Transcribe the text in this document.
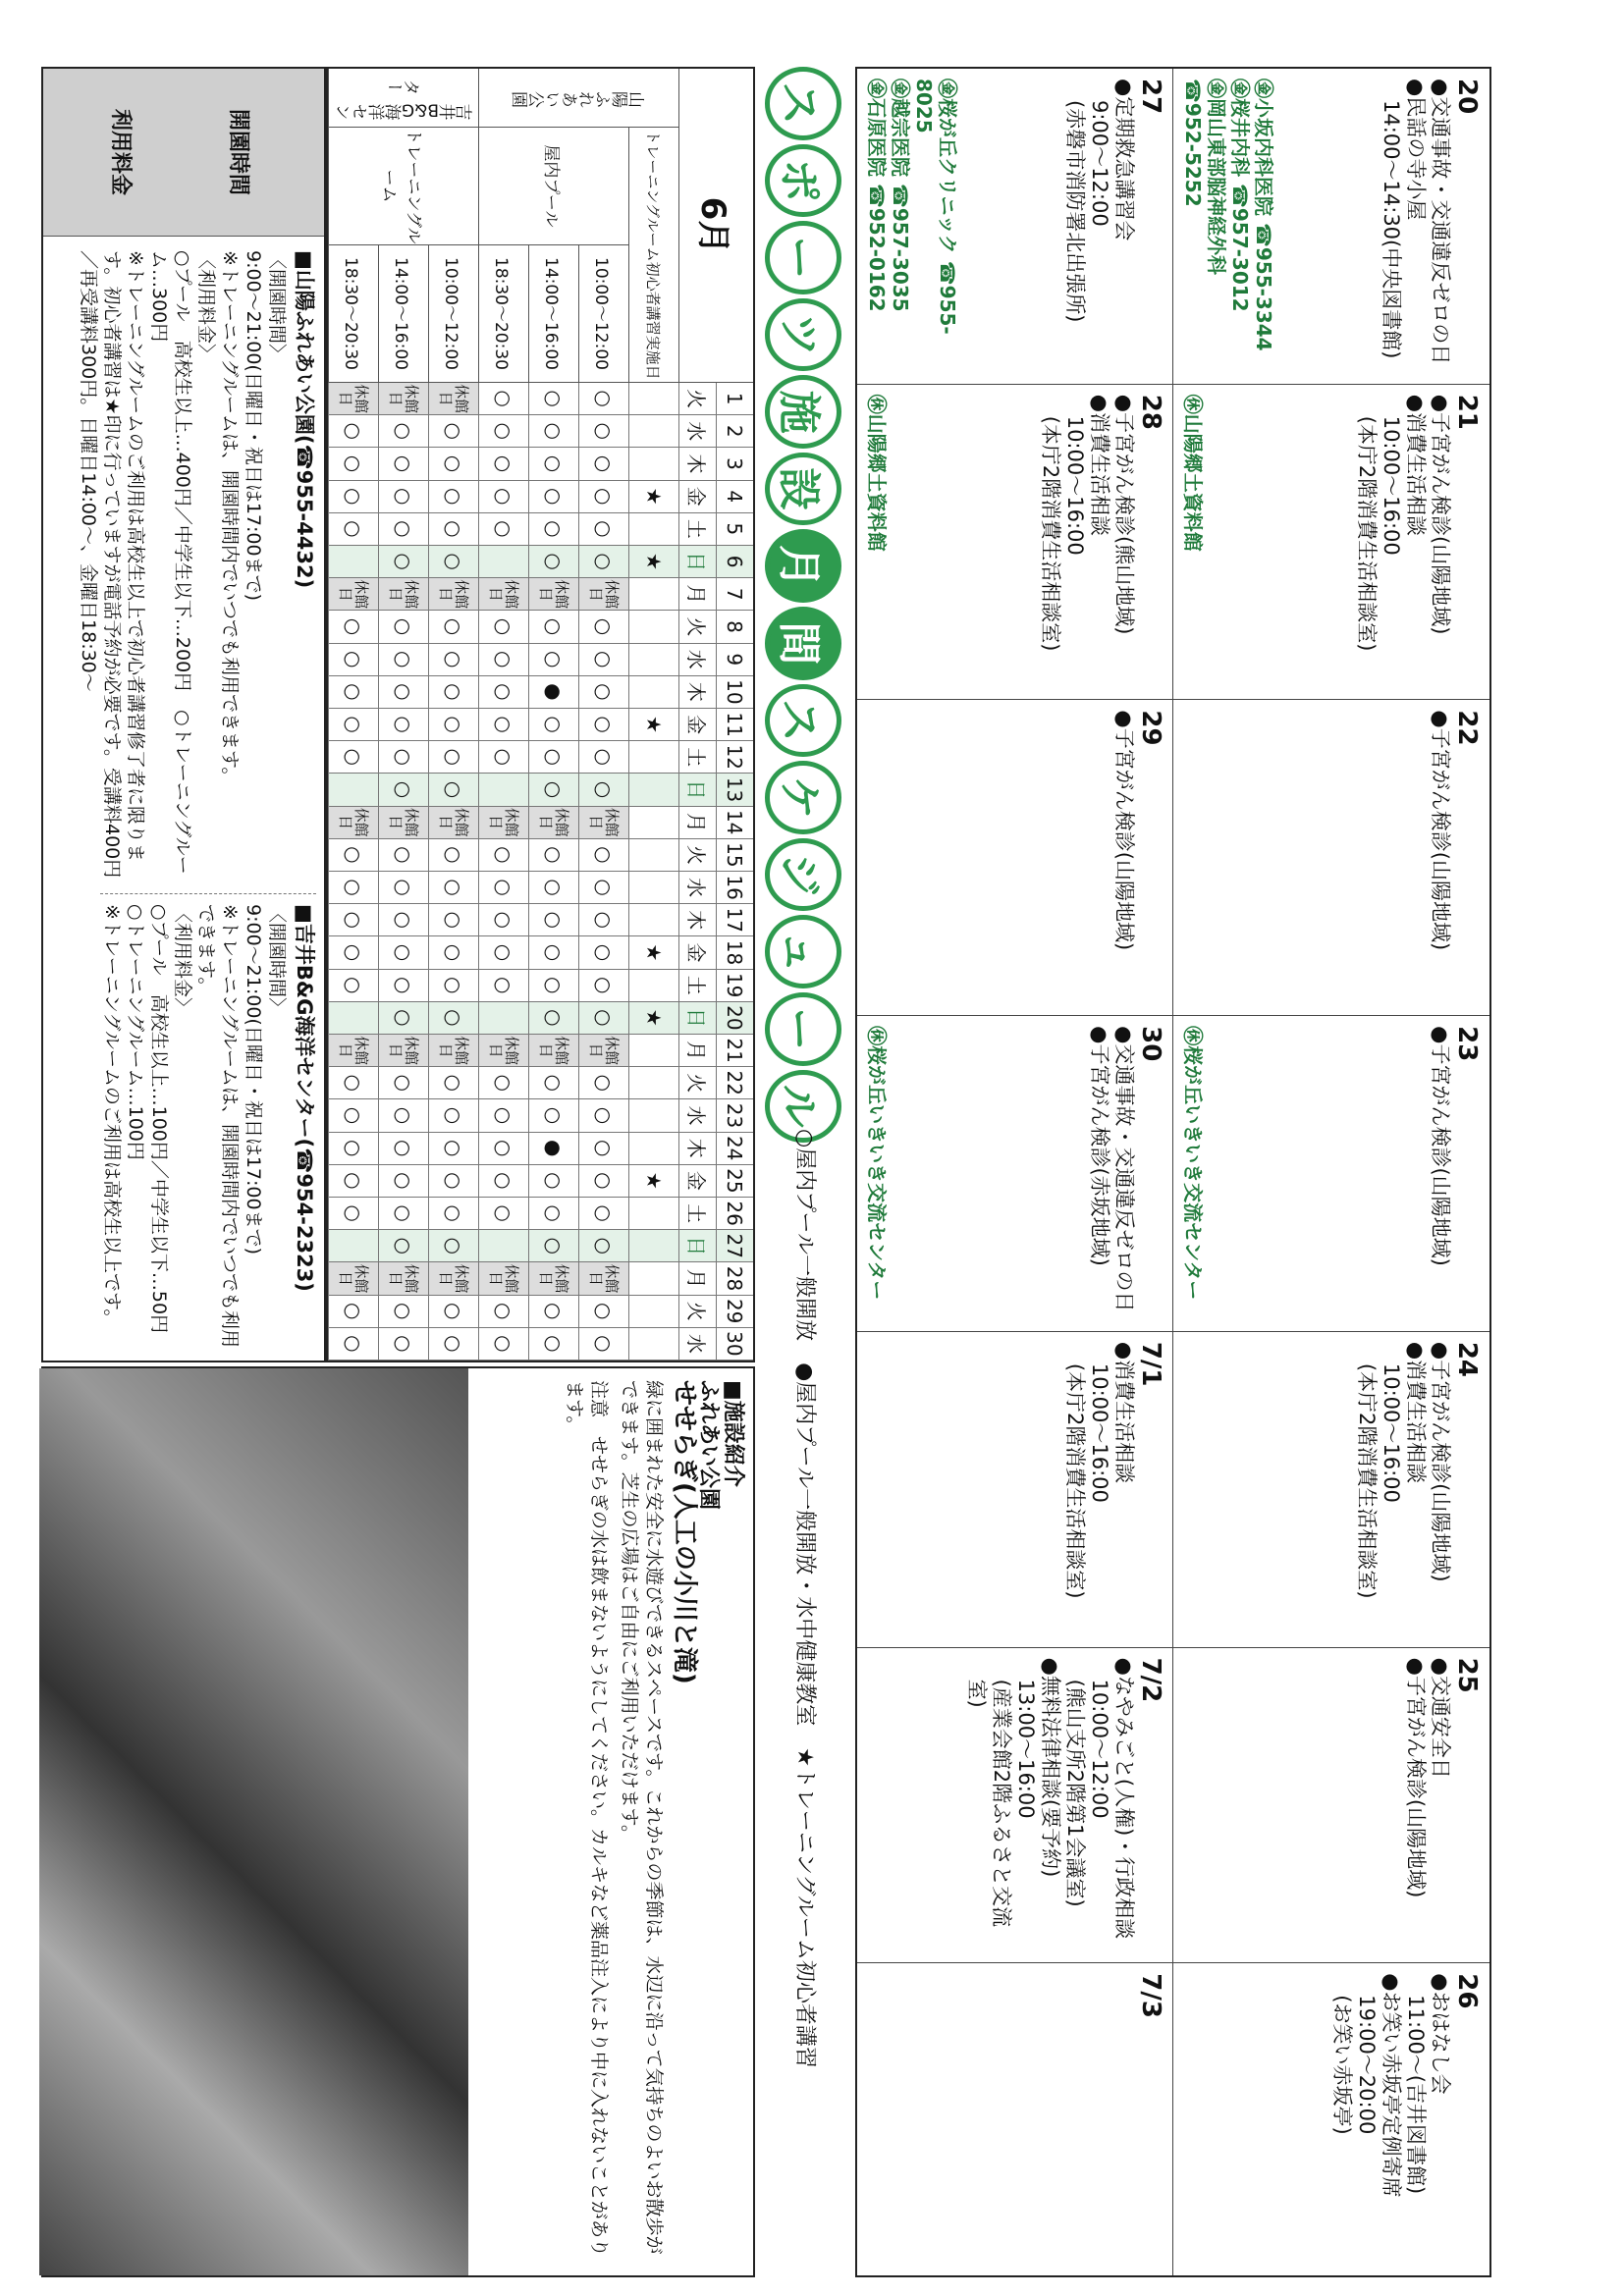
20

●交通事故・交通違反ゼロの日

●民話の寺小屋

14:00～14:30(中央図書館)

㊎小坂内科医院 ☎955-3344
㊎桜井内科 ☎957-3012
㊎岡山東部脳神経外科
☎952-5252
21

●子宮がん検診(山陽地域)

●消費生活相談

10:00～16:00

(本庁2階消費生活相談室)

㊡山陽郷土資料館
22

●子宮がん検診(山陽地域)

23

●子宮がん検診(山陽地域)

㊡桜が丘いきいき交流センター
24

●子宮がん検診(山陽地域)

●消費生活相談

10:00～16:00

(本庁2階消費生活相談室)

25

●交通安全日

●子宮がん検診(山陽地域)

26

●おはなし会

11:00～(吉井図書館)

●お笑い赤坂亭定例寄席

19:00～20:00

(お笑い赤坂亭)

27

●定期救急講習会

9:00～12:00

(赤磐市消防署北出張所)

㊎桜が丘クリニック ☎955-8025
㊎越宗医院 ☎957-3035
㊎石原医院 ☎952-0162
28

●子宮がん検診(熊山地域)

●消費生活相談

10:00～16:00

(本庁2階消費生活相談室)

㊡山陽郷土資料館
29

●子宮がん検診(山陽地域)

30

●交通事故・交通違反ゼロの日

●子宮がん検診(赤坂地域)

㊡桜が丘いきいき交流センター
7/1

●消費生活相談

10:00～16:00

(本庁2階消費生活相談室)

7/2

●なやみごと(人権)・行政相談

10:00～12:00

(熊山支所2階第1会議室)

●無料法律相談(要予約)

13:00～16:00

(産業会館2階ふるさと交流室)

7/3
ス
ポ
ー
ツ
施
設
月
間
ス
ケ
ジ
ュ
ー
ル
○屋内プール一般開放　●屋内プール一般開放・水中健康教室　★トレーニングルーム初心者講習
6月
1
火
2
水
3
木
4
金
5
土
6
日
7
月
8
火
9
水
10
木
11
金
12
土
13
日
14
月
15
火
16
水
17
木
18
金
19
土
20
日
21
月
22
火
23
水
24
木
25
金
26
土
27
日
28
月
29
火
30
水
山陽ふれあい公園
吉井B&G海洋センター
トレーニングルーム初心者講習実施日
屋内プール
トレーニングルーム
★
★
★
★
★
★
10:00～12:00
○
○
○
○
○
○
休館日
○
○
○
○
○
○
休館日
○
○
○
○
○
○
休館日
○
○
○
○
○
○
休館日
○
○
14:00～16:00
○
○
○
○
○
○
休館日
○
○
●
○
○
○
休館日
○
○
○
○
○
○
休館日
○
○
●
○
○
○
休館日
○
○
18:30～20:30
○
○
○
○
○
休館日
○
○
○
○
○
休館日
○
○
○
○
○
休館日
○
○
○
○
○
休館日
○
○
10:00～12:00
休館日
○
○
○
○
○
休館日
○
○
○
○
○
○
休館日
○
○
○
○
○
○
休館日
○
○
○
○
○
○
休館日
○
○
14:00～16:00
休館日
○
○
○
○
○
休館日
○
○
○
○
○
○
休館日
○
○
○
○
○
○
休館日
○
○
○
○
○
○
休館日
○
○
18:30～20:30
休館日
○
○
○
○
休館日
○
○
○
○
○
休館日
○
○
○
○
○
休館日
○
○
○
○
○
休館日
○
○
開園時間
利用料金
■山陽ふれあい公園(☎955-4432)

〈開園時間〉

9:00～21:00(日曜日・祝日は17:00まで)

※トレーニングルームは、開園時間内でいつでも利用できます。

〈利用料金〉

○プール　高校生以上…400円／中学生以下…200円　○トレーニングルーム…300円

※トレーニングルームのご利用は高校生以上で初心者講習修了者に限ります。初心者講習は★印に行っていますが電話予約が必要です。受講料400円／再受講料300円。日曜日14:00～、金曜日18:30～

■吉井B&G海洋センター(☎954-2323)

〈開園時間〉

9:00～21:00(日曜日・祝日は17:00まで)

※トレーニングルームは、開園時間内でいつでも利用できます。

〈利用料金〉

○プール　高校生以上…100円／中学生以下…50円

○トレーニングルーム…100円

※トレーニングルームのご利用は高校生以上です。

■施設紹介
ふれあい公園
せせらぎ(人工の小川と滝)

緑に囲まれた安全に水遊びできるスペースです。これからの季節は、水辺に沿って気持ちのよいお散歩ができます。芝生の広場はご自由にご利用いただけます。

注意　せせらぎの水は飲まないようにしてください。カルキなど薬品注入により中に入れないことがあります。
